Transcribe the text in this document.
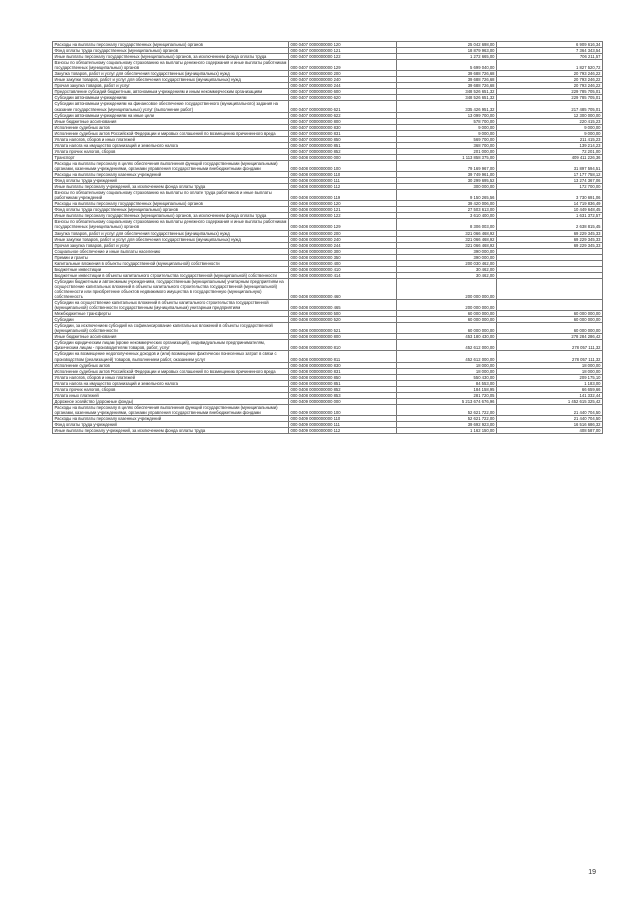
Расходы на выплаты персоналу государственных (муниципальных) органов	000 0407 0000000000 120	25 042 698,00	6 909 616,34
Фонд оплаты труда государственных (муниципальных) органов	000 0407 0000000000 121	18 879 963,00	7 364 343,54
Иные выплаты персоналу государственных (муниципальных) органов, за исключением фонда оплаты труда	000 0407 0000000000 122	1 272 665,00	706 211,57
Взносы по обязательному социальному страхованию на выплаты денежного содержания и иные выплаты работникам государственных (муниципальных) органов	000 0407 0000000000 129	5 699 040,00	1 827 520,72
Закупка товаров, работ и услуг для обеспечения государственных (муниципальных) нужд	000 0407 0000000000 200	39 688 726,68	20 793 246,22
Иные закупки товаров, работ и услуг для обеспечения государственных (муниципальных) нужд	000 0407 0000000000 240	39 688 726,68	20 793 246,22
Прочая закупка товаров, работ и услуг	000 0407 0000000000 244	39 688 726,68	20 793 246,22
Предоставление субсидий бюджетным, автономным учреждениям и иным некоммерческим организациям	000 0407 0000000000 600	348 526 651,32	229 785 705,01
Субсидии автономным учреждениям	000 0407 0000000000 620	348 526 651,32	229 785 705,01
Субсидии автономным учреждениям на финансовое обеспечение государственного (муниципального) задания на оказание государственных (муниципальных) услуг (выполнение работ)	000 0407 0000000000 621	335 426 951,32	217 485 705,01
Субсидии автономным учреждениям на иные цели	000 0407 0000000000 622	13 099 700,00	12 300 000,00
Иные бюджетные ассигнования	000 0407 0000000000 800	578 700,00	220 415,23
Исполнение судебных актов	000 0407 0000000000 830	9 000,00	9 000,00
Исполнение судебных актов Российской Федерации и мировых соглашений по возмещению причиненного вреда	000 0407 0000000000 831	9 000,00	9 000,00
Уплата налогов, сборов и иных платежей	000 0407 0000000000 850	569 700,00	211 415,23
Уплата налога на имущество организаций и земельного налога	000 0407 0000000000 851	368 700,00	139 214,23
Уплата прочих налогов, сборов	000 0407 0000000000 852	201 000,00	72 201,00
Транспорт	000 0408 0000000000 000	1 113 858 375,00	409 411 226,36
Расходы на выплаты персоналу в целях обеспечения выполнения функций государственными (муниципальными) органами, казенными учреждениями, органами управления государственными внебюджетными фондами	000 0408 0000000000 100	79 169 967,00	31 897 594,51
Расходы на выплаты персоналу казенных учреждений	000 0408 0000000000 110	39 749 961,00	17 177 758,12
Фонд оплаты труда учреждений	000 0408 0000000000 111	30 299 695,52	13 274 367,06
Иные выплаты персоналу учреждений, за исключением фонда оплаты труда	000 0408 0000000000 112	300 000,00	172 700,00
Взносы по обязательному социальному страхованию на выплаты по оплате труда работников и иные выплаты работникам учреждений	000 0408 0000000000 119	9 150 265,56	3 730 691,06
Расходы на выплаты персоналу государственных (муниципальных) органов	000 0408 0000000000 120	39 420 006,00	14 719 836,49
Фонд оплаты труда государственных (муниципальных) органов	000 0408 0000000000 121	27 503 613,00	10 449 648,45
Иные выплаты персоналу государственных (муниципальных) органов, за исключением фонда оплаты труда	000 0408 0000000000 122	3 610 400,00	1 631 372,57
Взносы по обязательному социальному страхованию на выплаты денежного содержания и иные выплаты работникам государственных (муниципальных) органов	000 0408 0000000000 129	8 306 003,00	2 638 815,45
Закупка товаров, работ и услуг для обеспечения государственных (муниципальных) нужд	000 0408 0000000000 200	321 066 468,92	69 229 345,33
Иные закупки товаров, работ и услуг для обеспечения государственных (муниципальных) нужд	000 0408 0000000000 240	321 066 468,92	69 229 345,33
Прочая закупка товаров, работ и услуг	000 0408 0000000000 244	321 066 468,92	69 229 345,33
Социальное обеспечение и иные выплаты населению	000 0408 0000000000 300	390 000,00	
Премии и гранты	000 0408 0000000000 350	390 000,00	
Капитальные вложения в объекты государственной (муниципальной) собственности	000 0408 0000000000 400	200 030 462,00	
Бюджетные инвестиции	000 0408 0000000000 410	30 462,00	
Бюджетные инвестиции в объекты капитального строительства государственной (муниципальной) собственности	000 0408 0000000000 414	30 462,00	
Субсидии бюджетным и автономным учреждениям, государственным (муниципальным) унитарным предприятиям на осуществление капитальных вложений в объекты капитального строительства государственной (муниципальной) собственности или приобретение объектов недвижимого имущества в государственную (муниципальную) собственность	000 0408 0000000000 460	200 000 000,00	
Субсидии на осуществление капитальных вложений в объекты капитального строительства государственной (муниципальной) собственности государственным (муниципальным) унитарным предприятиям	000 0408 0000000000 465	200 000 000,00	
Межбюджетные трансферты	000 0408 0000000000 500	60 000 000,00	60 000 000,00
Субсидии	000 0408 0000000000 520	60 000 000,00	60 000 000,00
Субсидии, за исключением субсидий на софинансирование капитальных вложений в объекты государственной (муниципальной) собственности	000 0408 0000000000 521	60 000 000,00	60 000 000,00
Иные бюджетные ассигнования	000 0408 0000000000 800	453 180 430,00	278 284 286,42
Субсидии юридическим лицам (кроме некоммерческих организаций), индивидуальным предпринимателям, физическим лицам - производителям товаров, работ, услуг	000 0408 0000000000 810	452 612 000,00	278 057 111,32
Субсидии на возмещение недополученных доходов и (или) возмещение фактически понесенных затрат в связи с производством (реализацией) товаров, выполнением работ, оказанием услуг	000 0408 0000000000 811	452 612 000,00	278 057 111,32
Исполнение судебных актов	000 0408 0000000000 830	18 000,00	18 000,00
Исполнение судебных актов Российской Федерации и мировых соглашений по возмещению причиненного вреда	000 0408 0000000000 831	18 000,00	18 000,00
Уплата налогов, сборов и иных платежей	000 0408 0000000000 850	550 430,00	209 175,10
Уплата налога на имущество организаций и земельного налога	000 0408 0000000000 851	84 553,00	1 183,00
Уплата прочих налогов, сборов	000 0408 0000000000 852	184 158,95	66 659,66
Уплата иных платежей	000 0408 0000000000 853	281 720,05	141 332,44
Дорожное хозяйство (дорожные фонды)	000 0409 0000000000 000	5 213 674 676,96	1 452 615 325,42
Расходы на выплаты персоналу в целях обеспечения выполнения функций государственными (муниципальными) органами, казенными учреждениями, органами управления государственными внебюджетными фондами	000 0409 0000000000 100	52 621 722,00	21 440 704,50
Расходы на выплаты персоналу казенных учреждений	000 0409 0000000000 110	52 621 722,00	21 440 704,50
Фонд оплаты труда учреждений	000 0409 0000000000 111	39 692 923,00	16 516 686,32
Иные выплаты персоналу учреждений, за исключением фонда оплаты труда	000 0409 0000000000 112	1 162 150,00	408 587,00
19
